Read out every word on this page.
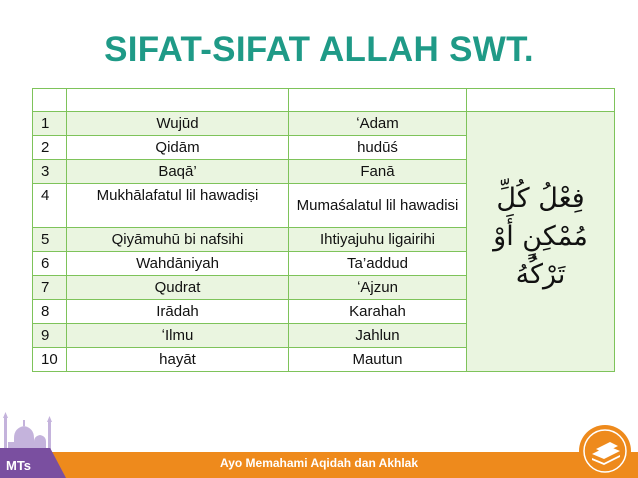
SIFAT-SIFAT ALLAH SWT.

1	Wujūd	ʻAdam	فِعْلُ كُلِّ مُمْكِنٍ أَوْ تَرْكُهُ
2	Qidām	hudūś	
3	Baqā’	Fanā	
4	Mukhālafatul lil hawadiṣi	Mumaśalatul lil hawadisi	
5	Qiyāmuhū bi nafsihi	Ihtiyajuhu ligairihi	
6	Wahdāniyah	Ta’addud	
7	Qudrat	ʻAjzun	
8	Irādah	Karahah	
9	ʻIlmu	Jahlun	
10	hayāt	Mautun	
MTs	Ayo Memahami Aqidah dan Akhlak
